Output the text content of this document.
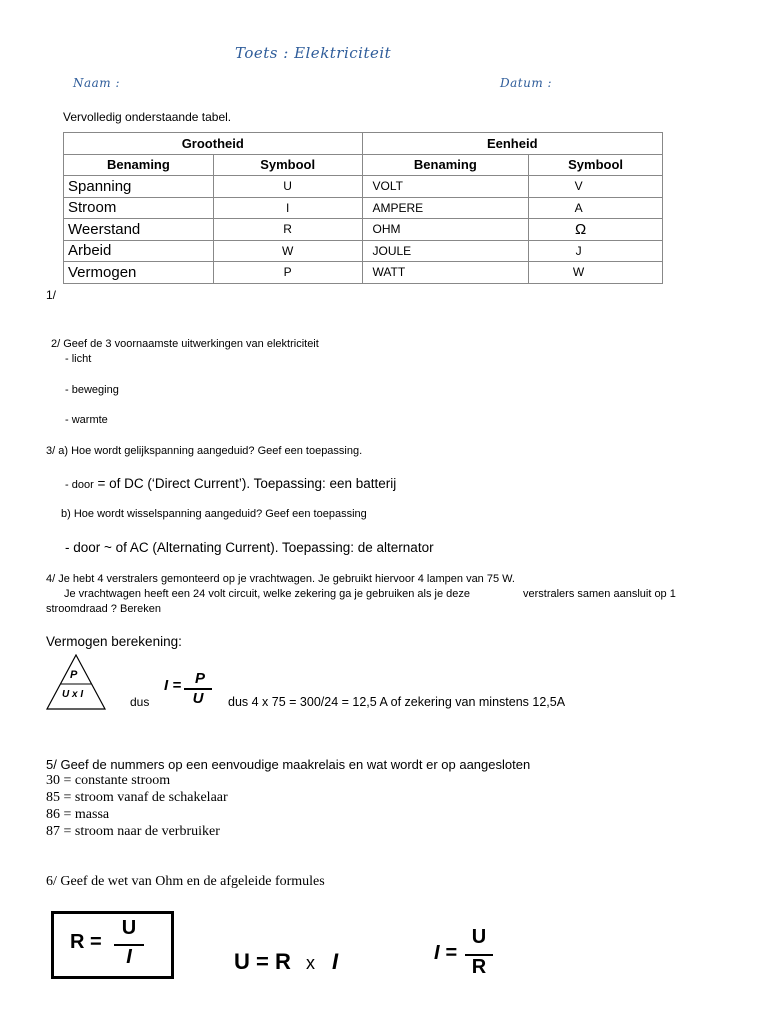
Toets : Elektriciteit
Naam :	Datum :
Vervolledig onderstaande tabel.
Grootheid		Eenheid	
Benaming	Symbool	Benaming	Symbool
Spanning	U	VOLT	V
Stroom	I	AMPERE	A
Weerstand	R	OHM	Ω
Arbeid	W	JOULE	J
Vermogen	P	WATT	W
1/
2/ Geef de 3 voornaamste uitwerkingen van elektriciteit
- licht
- beweging
- warmte
3/ a) Hoe wordt gelijkspanning aangeduid? Geef een toepassing.
- door = of DC (‘Direct Current’). Toepassing: een batterij
b) Hoe wordt wisselspanning aangeduid? Geef een toepassing
- door ~ of AC (Alternating Current). Toepassing: de alternator
4/ Je hebt 4 verstralers gemonteerd op je vrachtwagen. Je gebruikt hiervoor 4 lampen van 75 W.
Je vrachtwagen heeft een 24 volt circuit, welke zekering ga je gebruiken als je deze	verstralers samen aansluit op 1
stroomdraad ? Bereken
Vermogen berekening:
P
U x I
dus
I = P
U	dus 4 x 75 = 300/24 = 12,5 A of zekering van minstens 12,5A
5/ Geef de nummers op een eenvoudige maakrelais en wat wordt er op aangesloten
30 = constante stroom
85 = stroom vanaf de schakelaar
86 = massa
87 = stroom naar de verbruiker
6/ Geef de wet van Ohm en de afgeleide formules
R =
U
I	U = R x I	I =
U
R
